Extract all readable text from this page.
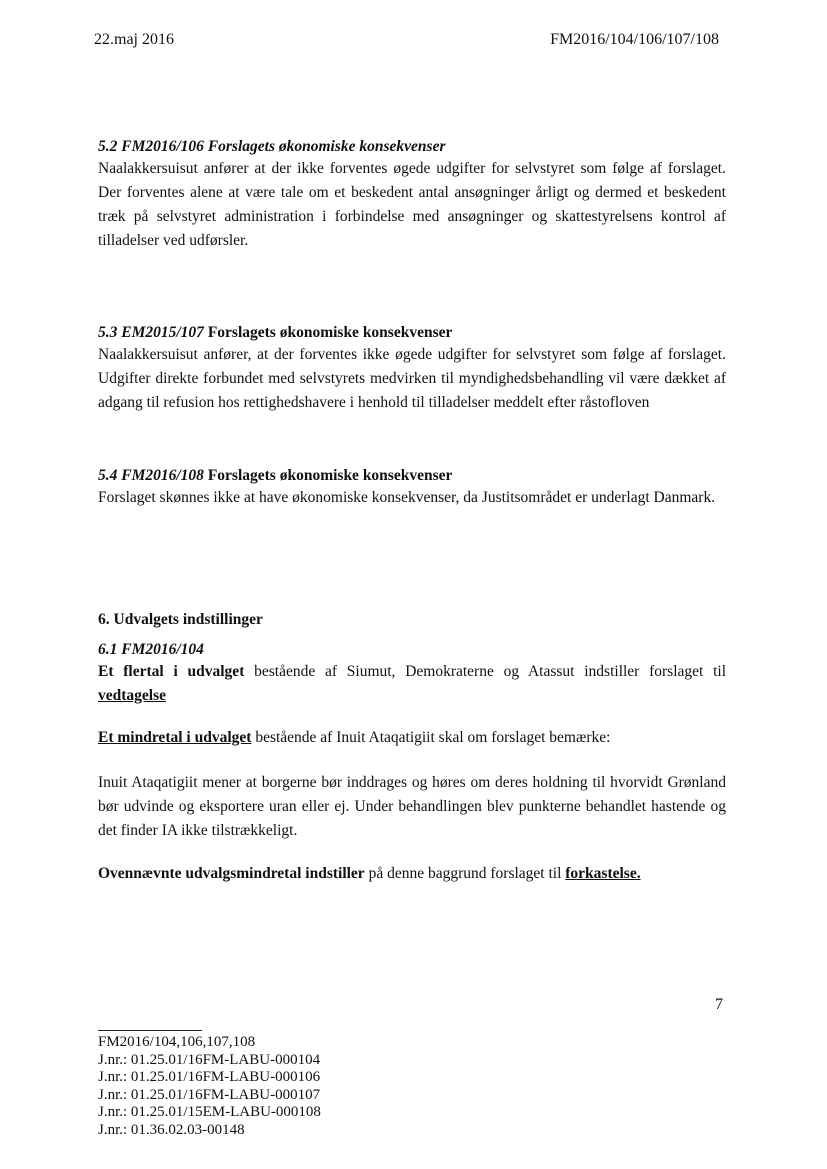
22.maj 2016	FM2016/104/106/107/108
5.2 FM2016/106 Forslagets økonomiske konsekvenser

Naalakkersuisut anfører at der ikke forventes øgede udgifter for selvstyret som følge af forslaget. Der forventes alene at være tale om et beskedent antal ansøgninger årligt og dermed et beskedent træk på selvstyret administration i forbindelse med ansøgninger og skattestyrelsens kontrol af tilladelser ved udførsler.

5.3 EM2015/107 Forslagets økonomiske konsekvenser

Naalakkersuisut anfører, at der forventes ikke øgede udgifter for selvstyret som følge af forslaget. Udgifter direkte forbundet med selvstyrets medvirken til myndighedsbehandling vil være dækket af adgang til refusion hos rettighedshavere i henhold til tilladelser meddelt efter råstofloven

5.4 FM2016/108 Forslagets økonomiske konsekvenser

Forslaget skønnes ikke at have økonomiske konsekvenser, da Justitsområdet er underlagt Danmark.

6. Udvalgets indstillinger
6.1 FM2016/104

Et flertal i udvalget bestående af Siumut, Demokraterne og Atassut indstiller forslaget til vedtagelse

Et mindretal i udvalget bestående af Inuit Ataqatigiit skal om forslaget bemærke:

Inuit Ataqatigiit mener at borgerne bør inddrages og høres om deres holdning til hvorvidt Grønland bør udvinde og eksportere uran eller ej. Under behandlingen blev punkterne behandlet hastende og det finder IA ikke tilstrækkeligt.

Ovennævnte udvalgsmindretal indstiller på denne baggrund forslaget til forkastelse.

7
FM2016/104,106,107,108
J.nr.: 01.25.01/16FM-LABU-000104
J.nr.: 01.25.01/16FM-LABU-000106
J.nr.: 01.25.01/16FM-LABU-000107
J.nr.: 01.25.01/15EM-LABU-000108
J.nr.: 01.36.02.03-00148
